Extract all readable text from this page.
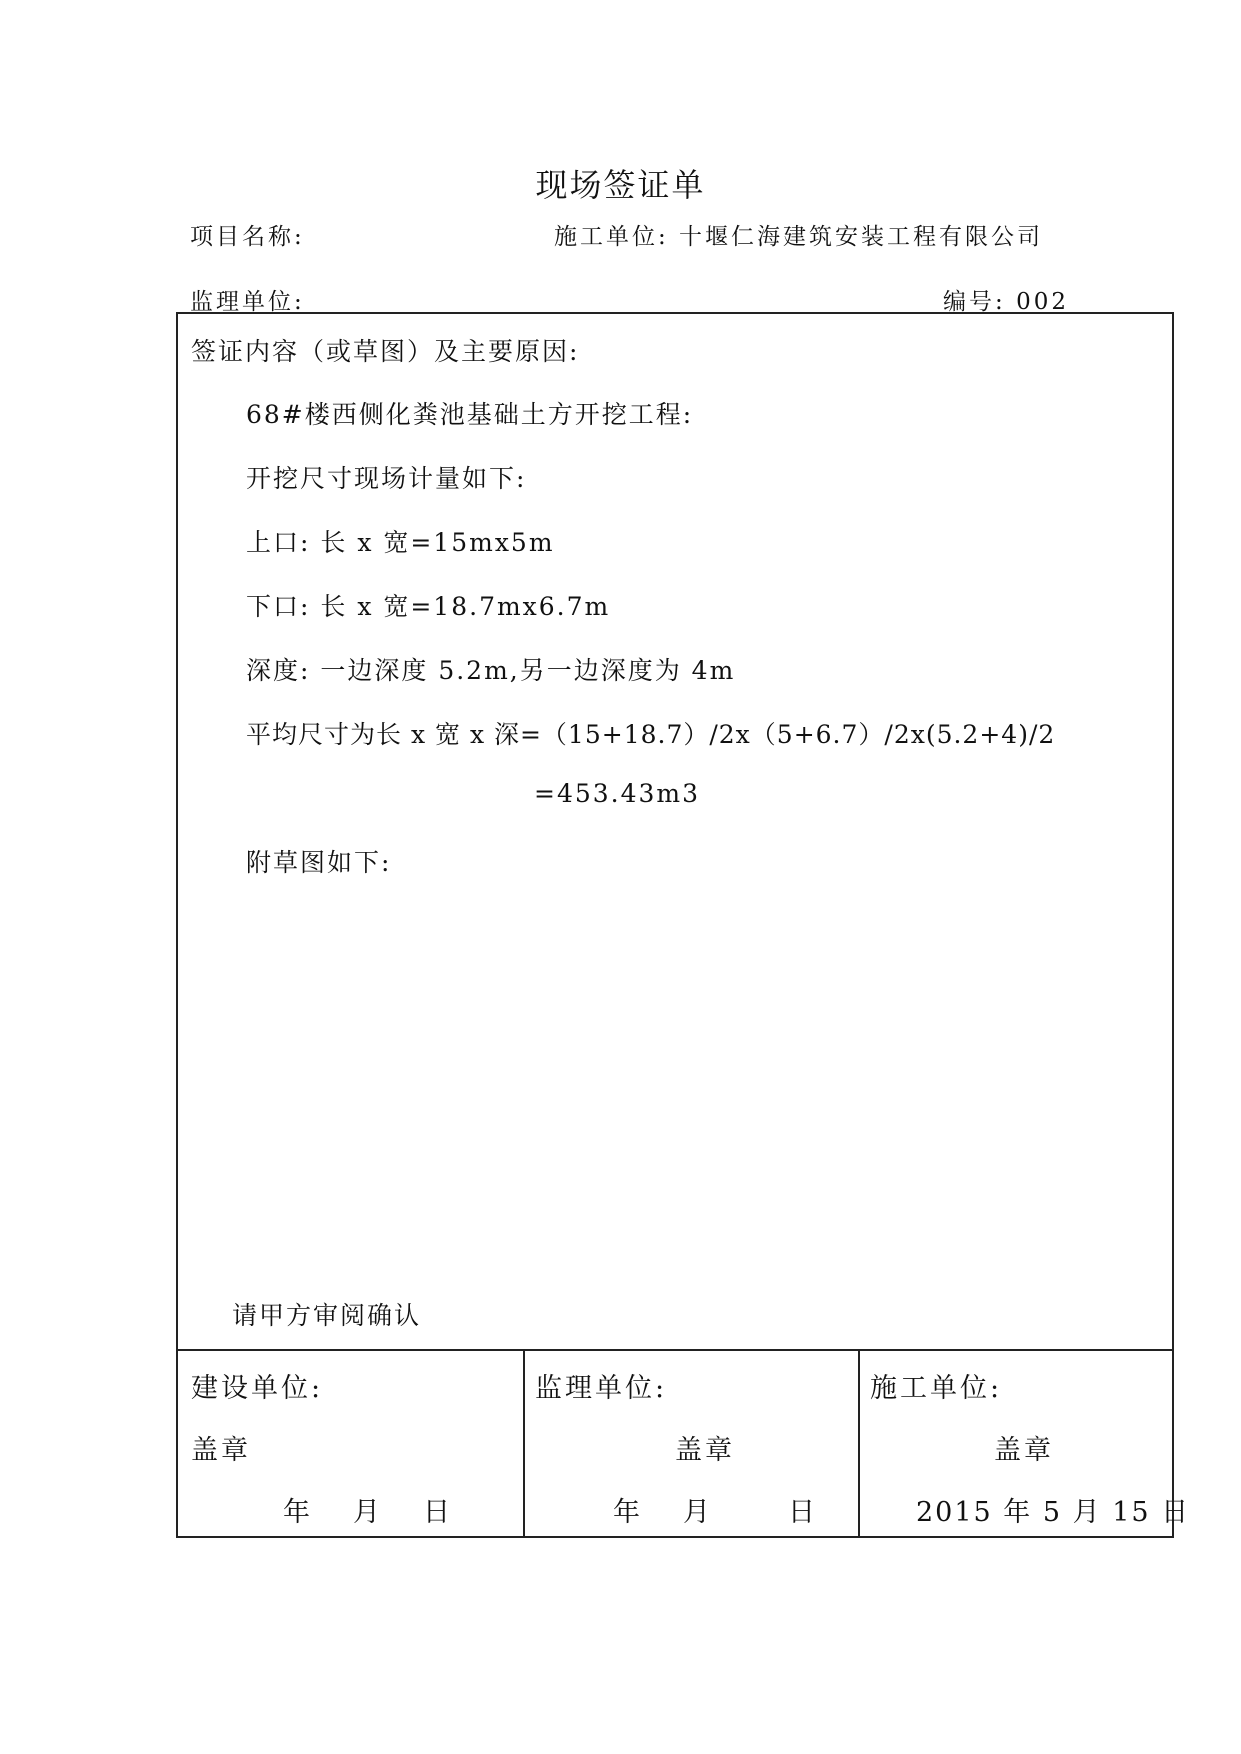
现场签证单
项目名称:	施工单位: 十堰仁海建筑安装工程有限公司
监理单位:	编号: 002
签证内容（或草图）及主要原因:
68#楼西侧化粪池基础土方开挖工程:
开挖尺寸现场计量如下:
上口: 长 x 宽=15mx5m
下口: 长 x 宽=18.7mx6.7m
深度: 一边深度 5.2m,另一边深度为 4m
平均尺寸为长 x 宽 x 深=（15+18.7）/2x（5+6.7）/2x(5.2+4)/2
=453.43m3
附草图如下:
请甲方审阅确认
建设单位:
盖章
年　月　日
监理单位:
盖章
年　月　　日
施工单位:
盖章
2015 年 5 月 15 日
